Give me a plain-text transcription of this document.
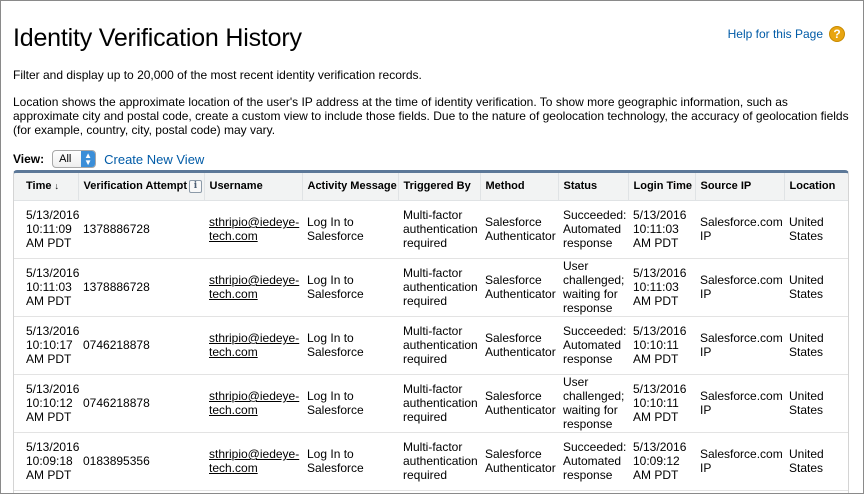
Identity Verification History	Help for this Page ?

Filter and display up to 20,000 of the most recent identity verification records.

Location shows the approximate location of the user's IP address at the time of identity verification. To show more geographic information, such as approximate city and postal code, create a custom view to include those fields. Due to the nature of geolocation technology, the accuracy of geolocation fields (for example, country, city, postal code) may vary.

View: All	▲
▼ Create New View
Time ↓	Verification Attempt i	Username	Activity Message	Triggered By	Method	Status	Login Time	Source IP	Location
5/13/2016 10:11:09 AM PDT	1378886728	sthripio@iedeye-tech.com	Log In to Salesforce	Multi-factor authentication required	Salesforce Authenticator	Succeeded: Automated response	5/13/2016 10:11:03 AM PDT	Salesforce.com IP	United States
5/13/2016 10:11:03 AM PDT	1378886728	sthripio@iedeye-tech.com	Log In to Salesforce	Multi-factor authentication required	Salesforce Authenticator	User challenged; waiting for response	5/13/2016 10:11:03 AM PDT	Salesforce.com IP	United States
5/13/2016 10:10:17 AM PDT	0746218878	sthripio@iedeye-tech.com	Log In to Salesforce	Multi-factor authentication required	Salesforce Authenticator	Succeeded: Automated response	5/13/2016 10:10:11 AM PDT	Salesforce.com IP	United States
5/13/2016 10:10:12 AM PDT	0746218878	sthripio@iedeye-tech.com	Log In to Salesforce	Multi-factor authentication required	Salesforce Authenticator	User challenged; waiting for response	5/13/2016 10:10:11 AM PDT	Salesforce.com IP	United States
5/13/2016 10:09:18 AM PDT	0183895356	sthripio@iedeye-tech.com	Log In to Salesforce	Multi-factor authentication required	Salesforce Authenticator	Succeeded: Automated response	5/13/2016 10:09:12 AM PDT	Salesforce.com IP	United States
